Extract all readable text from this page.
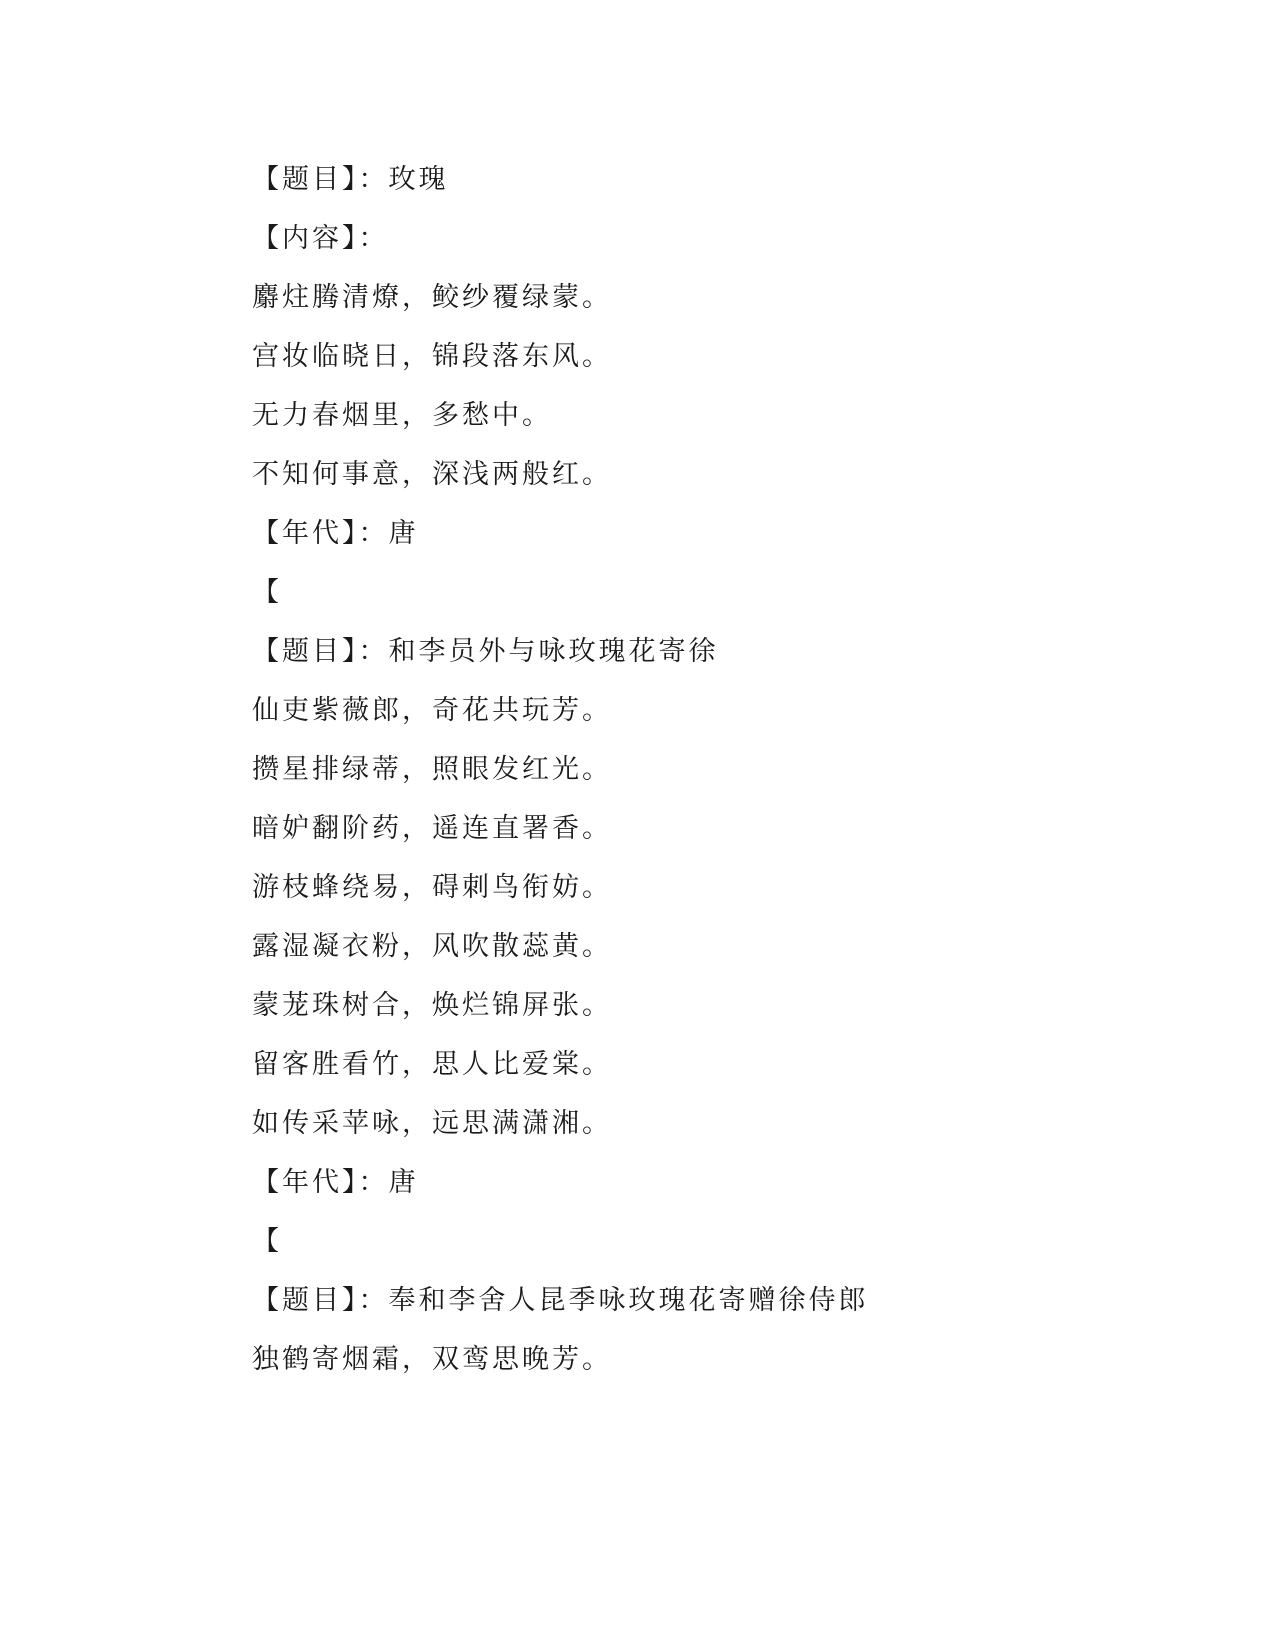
【题目】：玫瑰
【内容】：
麝炷腾清燎，鲛纱覆绿蒙。
宫妆临晓日，锦段落东风。
无力春烟里，多愁中。
不知何事意，深浅两般红。
【年代】：唐
【
【题目】：和李员外与咏玫瑰花寄徐
仙吏紫薇郎，奇花共玩芳。
攒星排绿蒂，照眼发红光。
暗妒翻阶药，遥连直署香。
游枝蜂绕易，碍刺鸟衔妨。
露湿凝衣粉，风吹散蕊黄。
蒙茏珠树合，焕烂锦屏张。
留客胜看竹，思人比爱棠。
如传采苹咏，远思满潇湘。
【年代】：唐
【
【题目】：奉和李舍人昆季咏玫瑰花寄赠徐侍郎
独鹤寄烟霜，双鸾思晚芳。
